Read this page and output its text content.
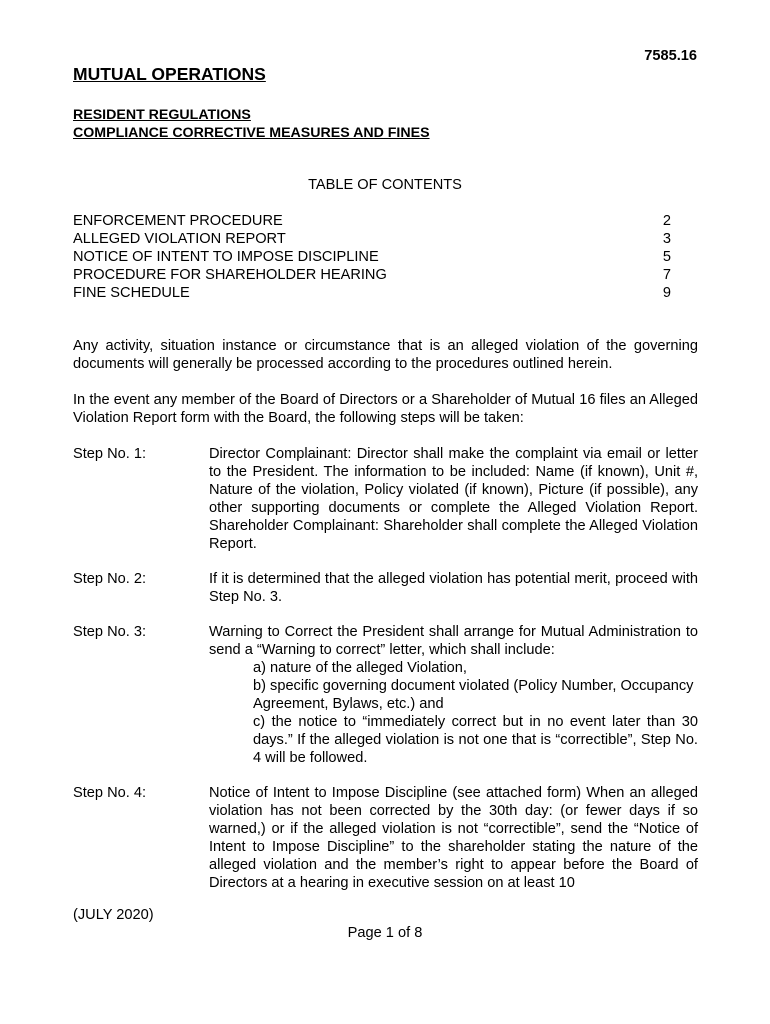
7585.16
MUTUAL OPERATIONS
RESIDENT REGULATIONS
COMPLIANCE CORRECTIVE MEASURES AND FINES
TABLE OF CONTENTS
ENFORCEMENT PROCEDURE	2
ALLEGED VIOLATION REPORT	3
NOTICE OF INTENT TO IMPOSE DISCIPLINE	5
PROCEDURE FOR SHAREHOLDER HEARING	7
FINE SCHEDULE	9
Any activity, situation instance or circumstance that is an alleged violation of the governing documents will generally be processed according to the procedures outlined herein.
In the event any member of the Board of Directors or a Shareholder of Mutual 16 files an Alleged Violation Report form with the Board, the following steps will be taken:
Step No. 1:	Director Complainant: Director shall make the complaint via email or letter to the President. The information to be included: Name (if known), Unit #, Nature of the violation, Policy violated (if known), Picture (if possible), any other supporting documents or complete the Alleged Violation Report. Shareholder Complainant: Shareholder shall complete the Alleged Violation Report.
Step No. 2:	If it is determined that the alleged violation has potential merit, proceed with Step No. 3.
Step No. 3:	Warning to Correct the President shall arrange for Mutual Administration to send a “Warning to correct” letter, which shall include:

a) nature of the alleged Violation,
b) specific governing document violated (Policy Number, Occupancy Agreement, Bylaws, etc.) and
c) the notice to “immediately correct but in no event later than 30 days.” If the alleged violation is not one that is “correctible”, Step No. 4 will be followed.
Step No. 4:	Notice of Intent to Impose Discipline (see attached form) When an alleged violation has not been corrected by the 30th day: (or fewer days if so warned,) or if the alleged violation is not “correctible”, send the “Notice of Intent to Impose Discipline” to the shareholder stating the nature of the alleged violation and the member’s right to appear before the Board of Directors at a hearing in executive session on at least 10
(JULY 2020)
Page 1 of 8
